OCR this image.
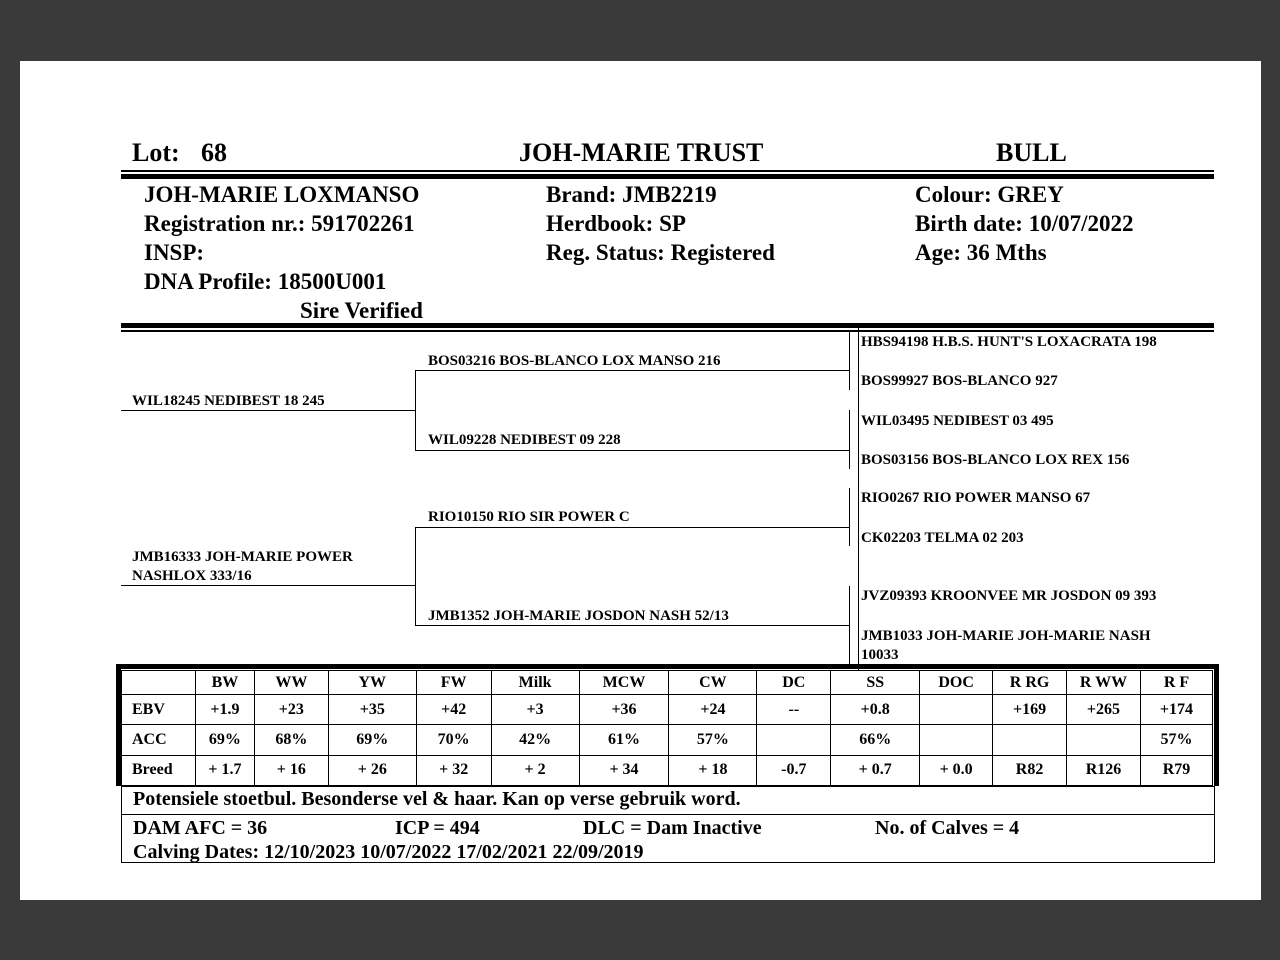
Lot: 68	JOH-MARIE TRUST	BULL
JOH-MARIE LOXMANSO
Registration nr.: 591702261
INSP:
DNA Profile: 18500U001
Sire Verified
Brand: JMB2219
Herdbook: SP
Reg. Status: Registered
Colour: GREY
Birth date: 10/07/2022
Age: 36 Mths
WIL18245 NEDIBEST 18 245
JMB16333 JOH-MARIE POWER
NASHLOX 333/16
BOS03216 BOS-BLANCO LOX MANSO 216
WIL09228 NEDIBEST 09 228
RIO10150 RIO SIR POWER C
JMB1352 JOH-MARIE JOSDON NASH 52/13
HBS94198 H.B.S. HUNT'S LOXACRATA 198
BOS99927 BOS-BLANCO 927
WIL03495 NEDIBEST 03 495
BOS03156 BOS-BLANCO LOX REX 156
RIO0267 RIO POWER MANSO 67
CK02203 TELMA 02 203
JVZ09393 KROONVEE MR JOSDON 09 393
JMB1033 JOH-MARIE JOH-MARIE NASH
10033
	BW	WW	YW	FW	Milk	MCW	CW	DC	SS	DOC	R RG	R WW	R F
EBV	+1.9	+23	+35	+42	+3	+36	+24	--	+0.8		+169	+265	+174
ACC	69%	68%	69%	70%	42%	61%	57%		66%				57%
Breed	+ 1.7	+ 16	+ 26	+ 32	+ 2	+ 34	+ 18	-0.7	+ 0.7	+ 0.0	R82	R126	R79
Potensiele stoetbul. Besonderse vel & haar. Kan op verse gebruik word.
DAM AFC = 36	ICP = 494	DLC = Dam Inactive	No. of Calves = 4
Calving Dates: 12/10/2023 10/07/2022 17/02/2021 22/09/2019
